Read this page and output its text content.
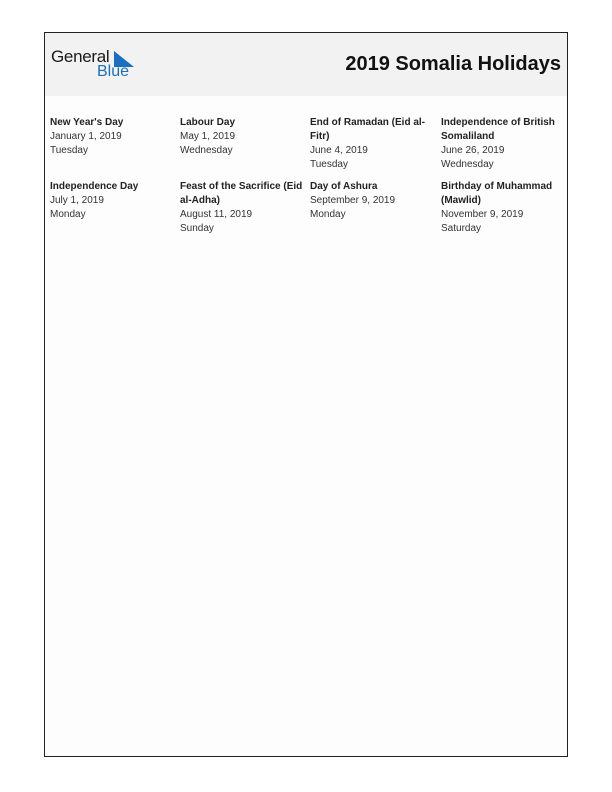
General
Blue	2019 Somalia Holidays
New Year's Day
January 1, 2019
Tuesday
Labour Day
May 1, 2019
Wednesday
End of Ramadan (Eid al-Fitr)
June 4, 2019
Tuesday
Independence of British Somaliland
June 26, 2019
Wednesday
Independence Day
July 1, 2019
Monday
Feast of the Sacrifice (Eid al-Adha)
August 11, 2019
Sunday
Day of Ashura
September 9, 2019
Monday
Birthday of Muhammad (Mawlid)
November 9, 2019
Saturday
